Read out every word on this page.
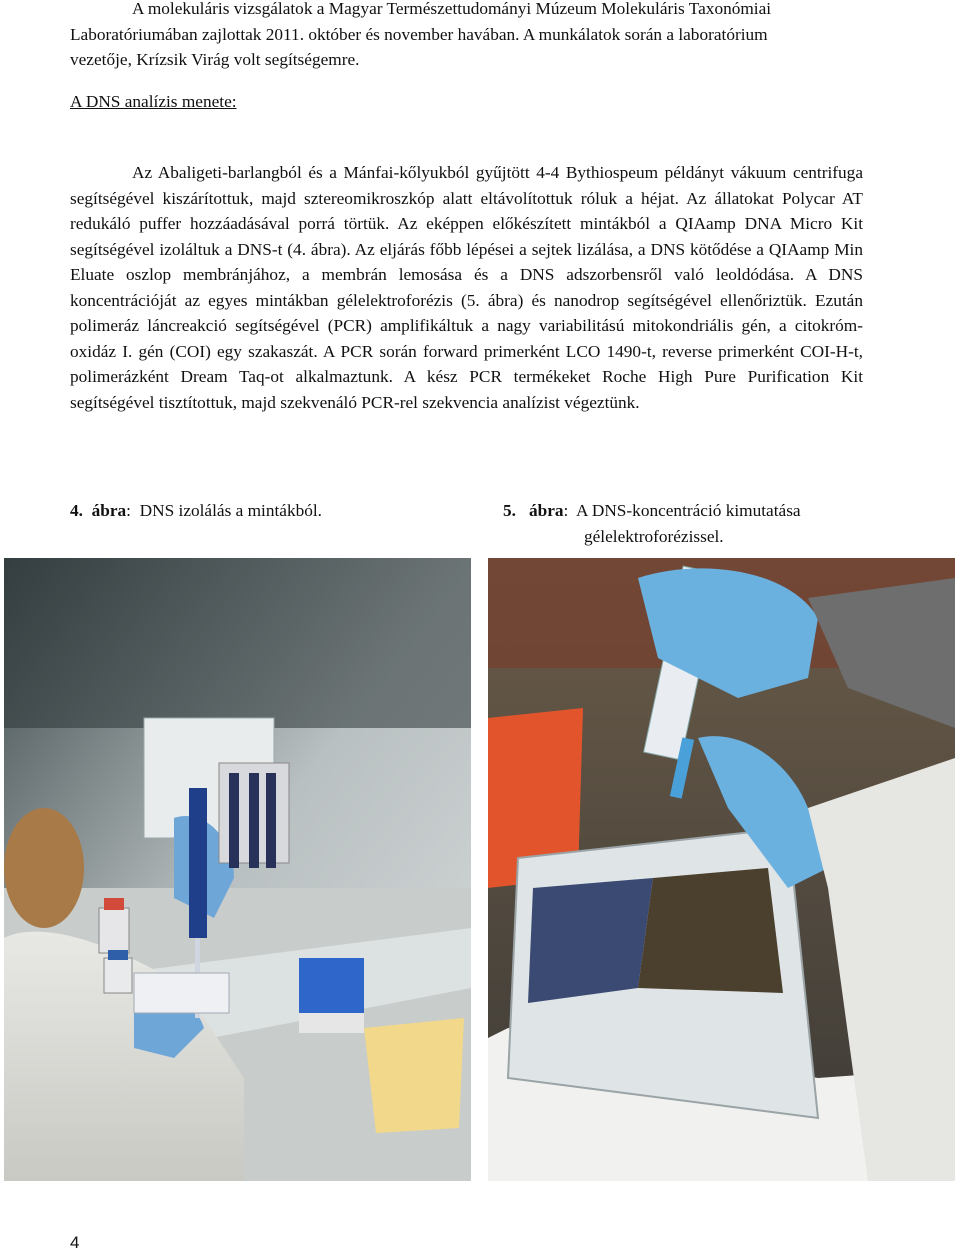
A molekuláris vizsgálatok a Magyar Természettudományi Múzeum Molekuláris Taxonómiai
Laboratóriumában zajlottak 2011. október és november havában. A munkálatok során a laboratórium
vezetője, Krízsik Virág volt segítségemre.
A DNS analízis menete:
Az Abaligeti-barlangból és a Mánfai-kőlyukból gyűjtött 4-4 Bythiospeum példányt vákuum centrifuga segítségével kiszárítottuk, majd sztereomikroszkóp alatt eltávolítottuk róluk a héjat. Az állatokat Polycar AT redukáló puffer hozzáadásával porrá törtük. Az eképpen előkészített mintákból a QIAamp DNA Micro Kit segítségével izoláltuk a DNS-t (4. ábra). Az eljárás főbb lépései a sejtek lizálása, a DNS kötődése a QIAamp Min Eluate oszlop membránjához, a membrán lemosása és a DNS adszorbensről való leoldódása. A DNS koncentrációját az egyes mintákban gélelektroforézis (5. ábra) és nanodrop segítségével ellenőriztük. Ezután polimeráz láncreakció segítségével (PCR) amplifikáltuk a nagy variabilitású mitokondriális gén, a citokróm-oxidáz I. gén (COI) egy szakaszát. A PCR során forward primerként LCO 1490-t, reverse primerként COI-H-t, polimerázként Dream Taq-ot alkalmaztunk. A kész PCR termékeket Roche High Pure Purification Kit segítségével tisztítottuk, majd szekvenáló PCR-rel szekvencia analízist végeztünk.
4. ábra:  DNS izolálás a mintákból.	5. ábra:  A DNS-koncentráció kimutatása
gélelektroforézissel.
4
